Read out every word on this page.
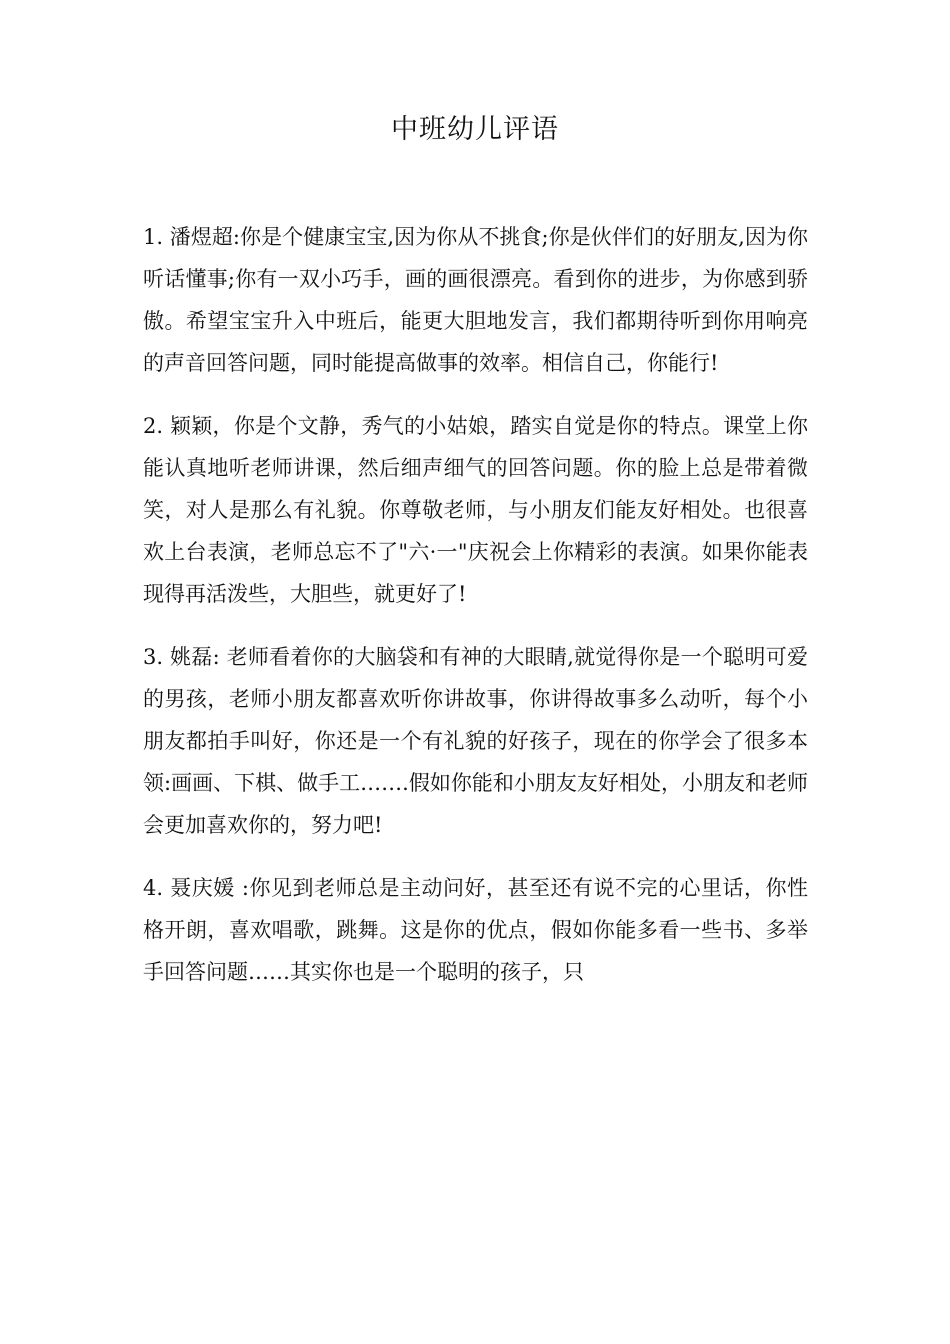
中班幼儿评语

1. 潘煜超:你是个健康宝宝,因为你从不挑食;你是伙伴们的好朋友,因为你听话懂事;你有一双小巧手，画的画很漂亮。看到你的进步，为你感到骄傲。希望宝宝升入中班后，能更大胆地发言，我们都期待听到你用响亮的声音回答问题，同时能提高做事的效率。相信自己，你能行!

2. 颖颖，你是个文静，秀气的小姑娘，踏实自觉是你的特点。课堂上你能认真地听老师讲课，然后细声细气的回答问题。你的脸上总是带着微笑，对人是那么有礼貌。你尊敬老师，与小朋友们能友好相处。也很喜欢上台表演，老师总忘不了"六·一"庆祝会上你精彩的表演。如果你能表现得再活泼些，大胆些，就更好了!

3. 姚磊: 老师看着你的大脑袋和有神的大眼睛,就觉得你是一个聪明可爱的男孩，老师小朋友都喜欢听你讲故事，你讲得故事多么动听，每个小朋友都拍手叫好，你还是一个有礼貌的好孩子，现在的你学会了很多本领:画画、下棋、做手工…….假如你能和小朋友友好相处，小朋友和老师会更加喜欢你的，努力吧!

4. 聂庆媛 :你见到老师总是主动问好，甚至还有说不完的心里话，你性格开朗，喜欢唱歌，跳舞。这是你的优点，假如你能多看一些书、多举手回答问题……其实你也是一个聪明的孩子，只
